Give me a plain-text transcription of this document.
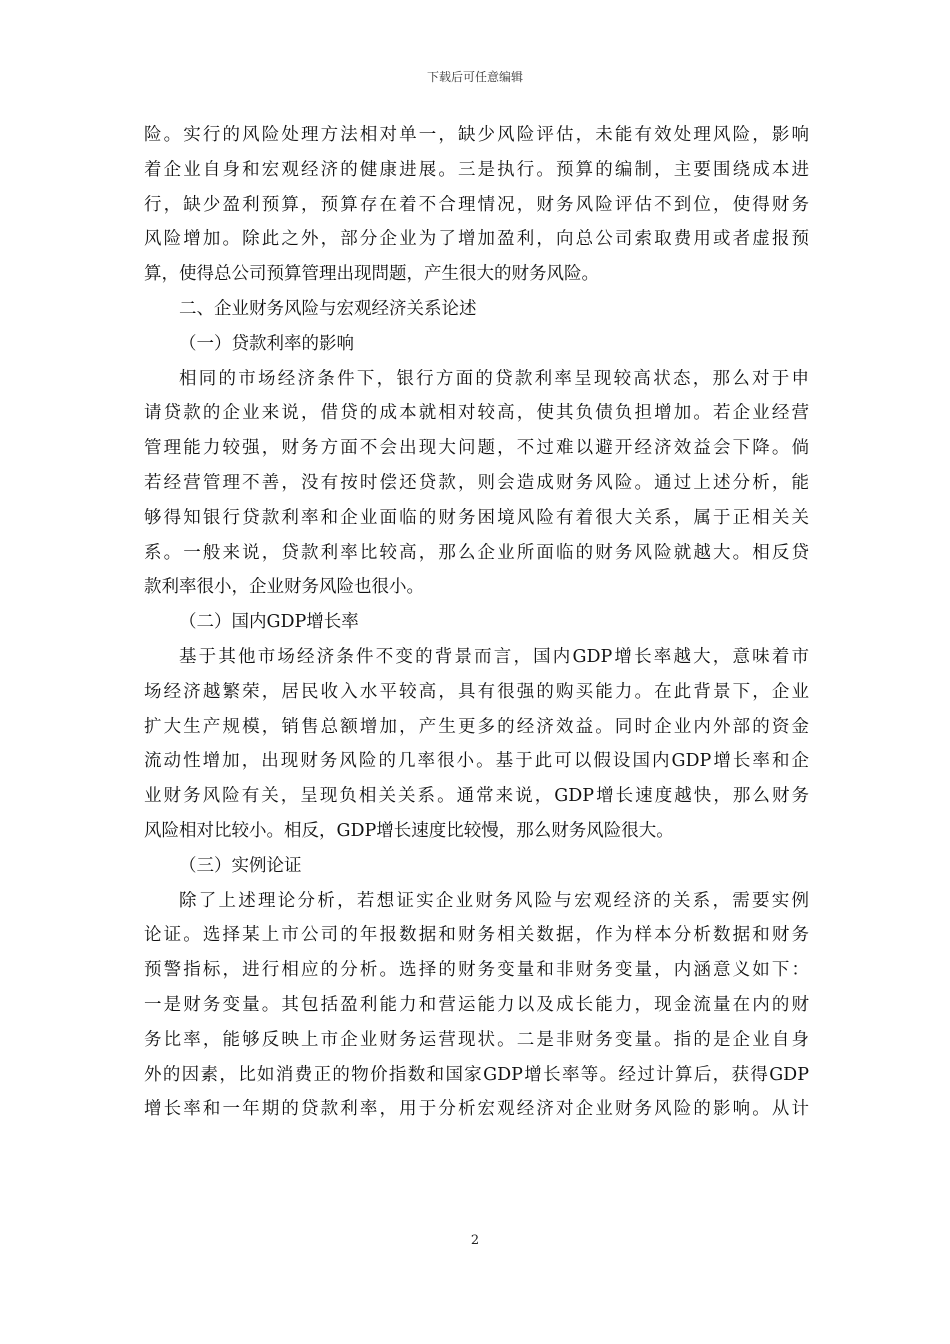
下载后可任意编辑
险。实行的风险处理方法相对单一，缺少风险评估，未能有效处理风险，影响
着企业自身和宏观经济的健康进展。三是执行。预算的编制，主要围绕成本进
行，缺少盈利预算，预算存在着不合理情况，财务风险评估不到位，使得财务
风险增加。除此之外，部分企业为了增加盈利，向总公司索取费用或者虚报预
算，使得总公司预算管理出现問题，产生很大的财务风险。
二、企业财务风险与宏观经济关系论述
（一）贷款利率的影响
相同的市场经济条件下，银行方面的贷款利率呈现较高状态，那么对于申
请贷款的企业来说，借贷的成本就相对较高，使其负债负担增加。若企业经营
管理能力较强，财务方面不会出现大问题，不过难以避开经济效益会下降。倘
若经营管理不善，没有按时偿还贷款，则会造成财务风险。通过上述分析，能
够得知银行贷款利率和企业面临的财务困境风险有着很大关系，属于正相关关
系。一般来说，贷款利率比较高，那么企业所面临的财务风险就越大。相反贷
款利率很小，企业财务风险也很小。
（二）国内GDP增长率
基于其他市场经济条件不变的背景而言，国内GDP增长率越大，意味着市
场经济越繁荣，居民收入水平较高，具有很强的购买能力。在此背景下，企业
扩大生产规模，销售总额增加，产生更多的经济效益。同时企业内外部的资金
流动性增加，出现财务风险的几率很小。基于此可以假设国内GDP增长率和企
业财务风险有关，呈现负相关关系。通常来说，GDP增长速度越快，那么财务
风险相对比较小。相反，GDP增长速度比较慢，那么财务风险很大。
（三）实例论证
除了上述理论分析，若想证实企业财务风险与宏观经济的关系，需要实例
论证。选择某上市公司的年报数据和财务相关数据，作为样本分析数据和财务
预警指标，进行相应的分析。选择的财务变量和非财务变量，内涵意义如下：
一是财务变量。其包括盈利能力和营运能力以及成长能力，现金流量在内的财
务比率，能够反映上市企业财务运营现状。二是非财务变量。指的是企业自身
外的因素，比如消费正的物价指数和国家GDP增长率等。经过计算后，获得GDP
增长率和一年期的贷款利率，用于分析宏观经济对企业财务风险的影响。从计
2
